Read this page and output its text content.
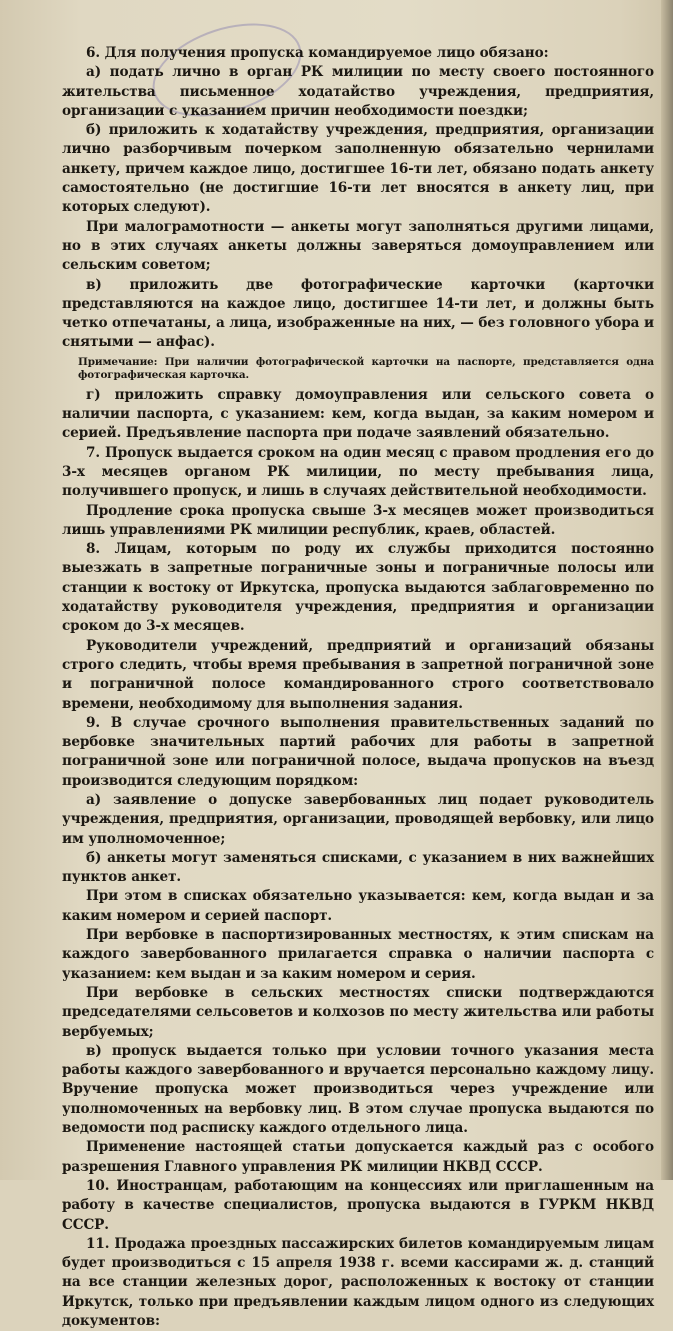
6. Для получения пропуска командируемое лицо обязано:

а) подать лично в орган РК милиции по месту своего постоянного жительства письменное ходатайство учреждения, предприятия, организации с указанием причин необходимости поездки;

б) приложить к ходатайству учреждения, предприятия, организации лично разборчивым почерком заполненную обязательно чернилами анкету, причем каждое лицо, достигшее 16-ти лет, обязано подать анкету самостоятельно (не достигшие 16-ти лет вносятся в анкету лиц, при которых следуют).

При малограмотности — анкеты могут заполняться другими лицами, но в этих случаях анкеты должны заверяться домоуправлением или сельским советом;

в) приложить две фотографические карточки (карточки представляются на каждое лицо, достигшее 14-ти лет, и должны быть четко отпечатаны, а лица, изображенные на них, — без головного убора и снятыми — анфас).

Примечание: При наличии фотографической карточки на паспорте, представляется одна фотографическая карточка.

г) приложить справку домоуправления или сельского совета о наличии паспорта, с указанием: кем, когда выдан, за каким номером и серией. Предъявление паспорта при подаче заявлений обязательно.

7. Пропуск выдается сроком на один месяц с правом продления его до 3-х месяцев органом РК милиции, по месту пребывания лица, получившего пропуск, и лишь в случаях действительной необходимости.

Продление срока пропуска свыше 3-х месяцев может производиться лишь управлениями РК милиции республик, краев, областей.

8. Лицам, которым по роду их службы приходится постоянно выезжать в запретные пограничные зоны и пограничные полосы или станции к востоку от Иркутска, пропуска выдаются заблаговременно по ходатайству руководителя учреждения, предприятия и организации сроком до 3-х месяцев.

Руководители учреждений, предприятий и организаций обязаны строго следить, чтобы время пребывания в запретной пограничной зоне и пограничной полосе командированного строго соответствовало времени, необходимому для выполнения задания.

9. В случае срочного выполнения правительственных заданий по вербовке значительных партий рабочих для работы в запретной пограничной зоне или пограничной полосе, выдача пропусков на въезд производится следующим порядком:

а) заявление о допуске завербованных лиц подает руководитель учреждения, предприятия, организации, проводящей вербовку, или лицо им уполномоченное;

б) анкеты могут заменяться списками, с указанием в них важнейших пунктов анкет.

При этом в списках обязательно указывается: кем, когда выдан и за каким номером и серией паспорт.

При вербовке в паспортизированных местностях, к этим спискам на каждого завербованного прилагается справка о наличии паспорта с указанием: кем выдан и за каким номером и серия.

При вербовке в сельских местностях списки подтверждаются председателями сельсоветов и колхозов по месту жительства или работы вербуемых;

в) пропуск выдается только при условии точного указания места работы каждого завербованного и вручается персонально каждому лицу. Вручение пропуска может производиться через учреждение или уполномоченных на вербовку лиц. В этом случае пропуска выдаются по ведомости под расписку каждого отдельного лица.

Применение настоящей статьи допускается каждый раз с особого разрешения Главного управления РК милиции НКВД СССР.

10. Иностранцам, работающим на концессиях или приглашенным на работу в качестве специалистов, пропуска выдаются в ГУРКМ НКВД СССР.

11. Продажа проездных пассажирских билетов командируемым лицам будет производиться с 15 апреля 1938 г. всеми кассирами ж. д. станций на все станции железных дорог, расположенных к востоку от станции Иркутск, только при предъявлении каждым лицом одного из следующих документов:
